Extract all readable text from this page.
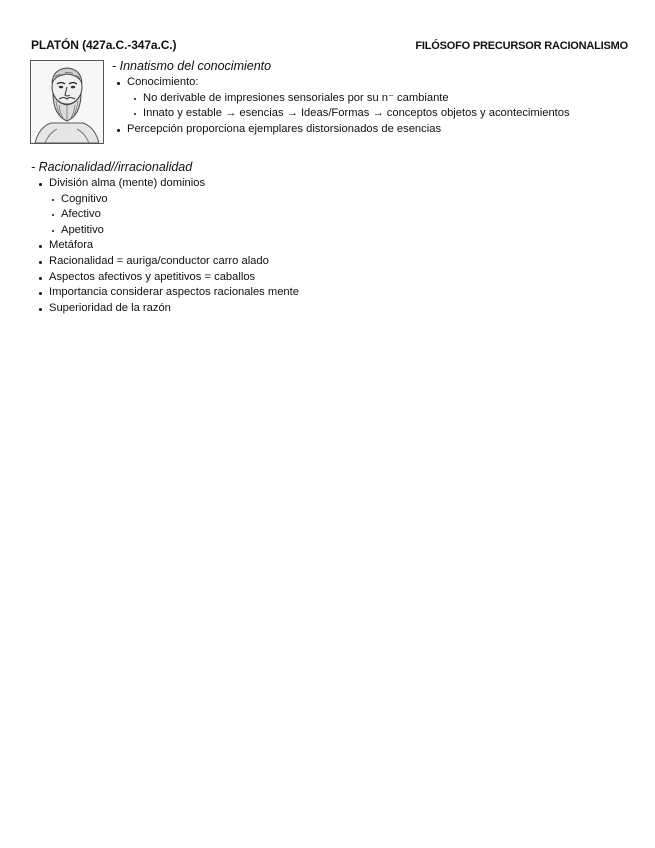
PLATÓN (427a.C.-347a.C.)	FILÓSOFO PRECURSOR RACIONALISMO
- Innatismo del conocimiento
Conocimiento:
No derivable de impresiones sensoriales por su n⁻ cambiante
Innato y estable → esencias → Ideas/Formas → conceptos objetos y acontecimientos
Percepción proporciona ejemplares distorsionados de esencias
- Racionalidad//irracionalidad
División alma (mente) dominios
Cognitivo
Afectivo
Apetitivo
Metáfora
Racionalidad = auriga/conductor carro alado
Aspectos afectivos y apetitivos = caballos
Importancia considerar aspectos racionales mente
Superioridad de la razón
